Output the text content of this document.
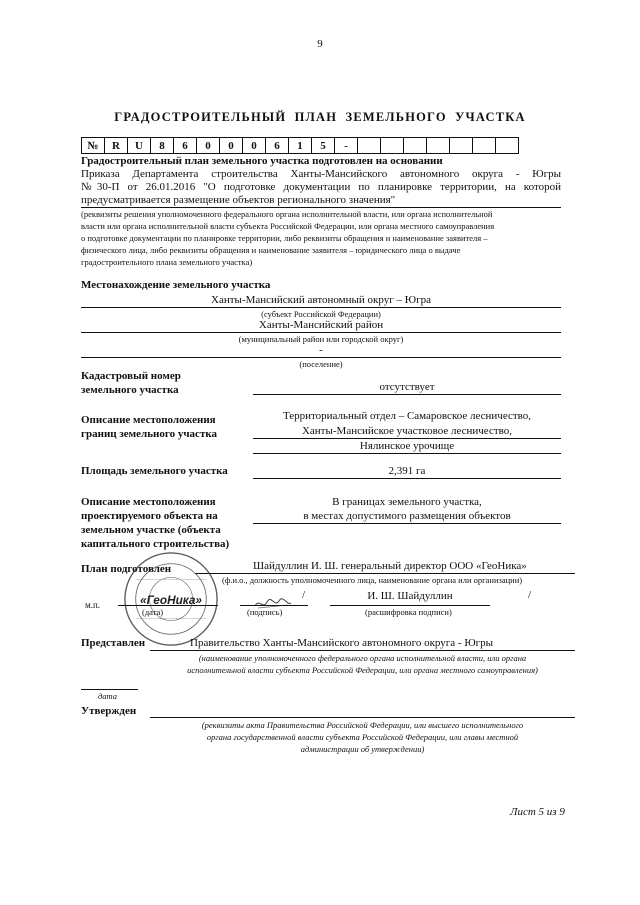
9
ГРАДОСТРОИТЕЛЬНЫЙ ПЛАН ЗЕМЕЛЬНОГО УЧАСТКА
№	R	U	8	6	0	0	0	6	1	5	-							
Градостроительный план земельного участка подготовлен на основании
Приказа Департамента строительства Ханты-Мансийского автономного округа - Югры
№30-П от 26.01.2016 "О подготовке документации по планировке территории, на которой
предусматривается размещение объектов регионального значения"
(реквизиты решения уполномоченного федерального органа исполнительной власти, или органа исполнительной
власти или органа исполнительной власти субъекта Российской Федерации, или органа местного самоуправления
о подготовке документации по планировке территории, либо реквизиты обращения и наименование заявителя –
физического лица, либо реквизиты обращения и наименование заявителя – юридического лица о выдаче
градостроительного плана земельного участка)
Местонахождение земельного участка
Ханты-Мансийский автономный округ – Югра
(субъект Российской Федерации)
Ханты-Мансийский район
(муниципальный район или городской округ)
-
(поселение)
Кадастровый номер
земельного участка	отсутствует
Описание местоположения
границ земельного участка
Территориальный отдел – Самаровское лесничество,
Ханты-Мансийское участковое лесничество,
Нялинское урочище
Площадь земельного участка	2,391 га
Описание местоположения
проектируемого объекта на
земельном участке (объекта
капитального строительства)
В границах земельного участка,
в местах допустимого размещения объектов
План подготовлен	Шайдуллин И. Ш. генеральный директор ООО «ГеоНика»
(ф.и.о., должность уполномоченного лица, наименование органа или организации)
м.п.
/	И. Ш. Шайдуллин	/
(дата)	(подпись)	(расшифровка подписи)
«ГеоНика»
Представлен	Правительство Ханты-Мансийского автономного округа - Югры
(наименование уполномоченного федерального органа исполнительной власти, или органа
исполнительной власти субъекта Российской Федерации, или органа местного самоуправления)
дата
Утвержден
(реквизиты акта Правительства Российской Федерации, или высшего исполнительного
органа государственной власти субъекта Российской Федерации, или главы местной
администрации об утверждении)
Лист 5 из 9
